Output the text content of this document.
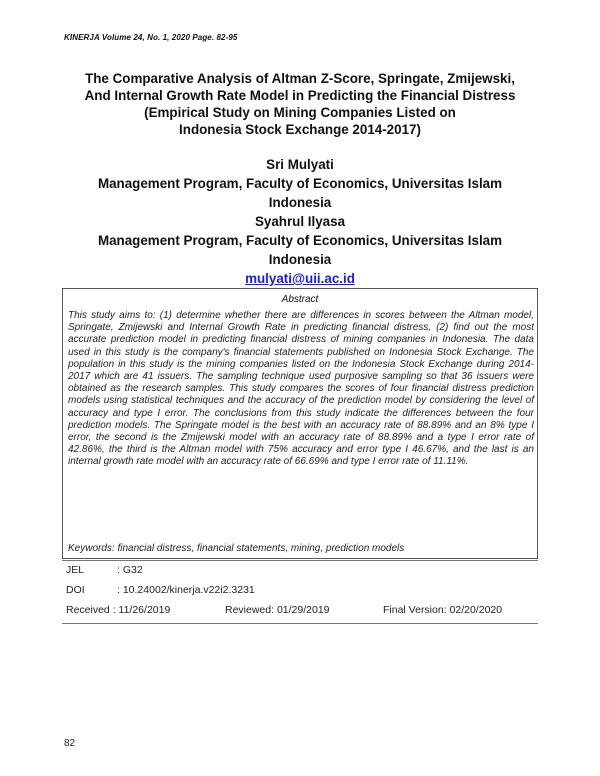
KINERJA Volume 24, No. 1, 2020 Page. 82-95
The Comparative Analysis of Altman Z-Score, Springate, Zmijewski,
And Internal Growth Rate Model in Predicting the Financial Distress
(Empirical Study on Mining Companies Listed on
Indonesia Stock Exchange 2014-2017)
Sri Mulyati
Management Program, Faculty of Economics, Universitas Islam
Indonesia
Syahrul Ilyasa
Management Program, Faculty of Economics, Universitas Islam
Indonesia
mulyati@uii.ac.id
Abstract

This study aims to: (1) determine whether there are differences in scores between the Altman model, Springate, Zmijewski and Internal Growth Rate in predicting financial distress, (2) find out the most accurate prediction model in predicting financial distress of mining companies in Indonesia. The data used in this study is the company's financial statements published on Indonesia Stock Exchange. The population in this study is the mining companies listed on the Indonesia Stock Exchange during 2014-2017 which are 41 issuers. The sampling technique used purposive sampling so that 36 issuers were obtained as the research samples. This study compares the scores of four financial distress prediction models using statistical techniques and the accuracy of the prediction model by considering the level of accuracy and type I error. The conclusions from this study indicate the differences between the four prediction models. The Springate model is the best with an accuracy rate of 88.89% and an 8% type I error, the second is the Zmijewski model with an accuracy rate of 88.89% and a type I error rate of 42.86%, the third is the Altman model with 75% accuracy and error type I 46.67%, and the last is an internal growth rate model with an accuracy rate of 66.69% and type I error rate of 11.11%.

Keywords: financial distress, financial statements, mining, prediction models

JEL	: G32
DOI	: 10.24002/kinerja.v22i2.3231
Received : 11/26/2019	Reviewed: 01/29/2019	Final Version: 02/20/2020
82
